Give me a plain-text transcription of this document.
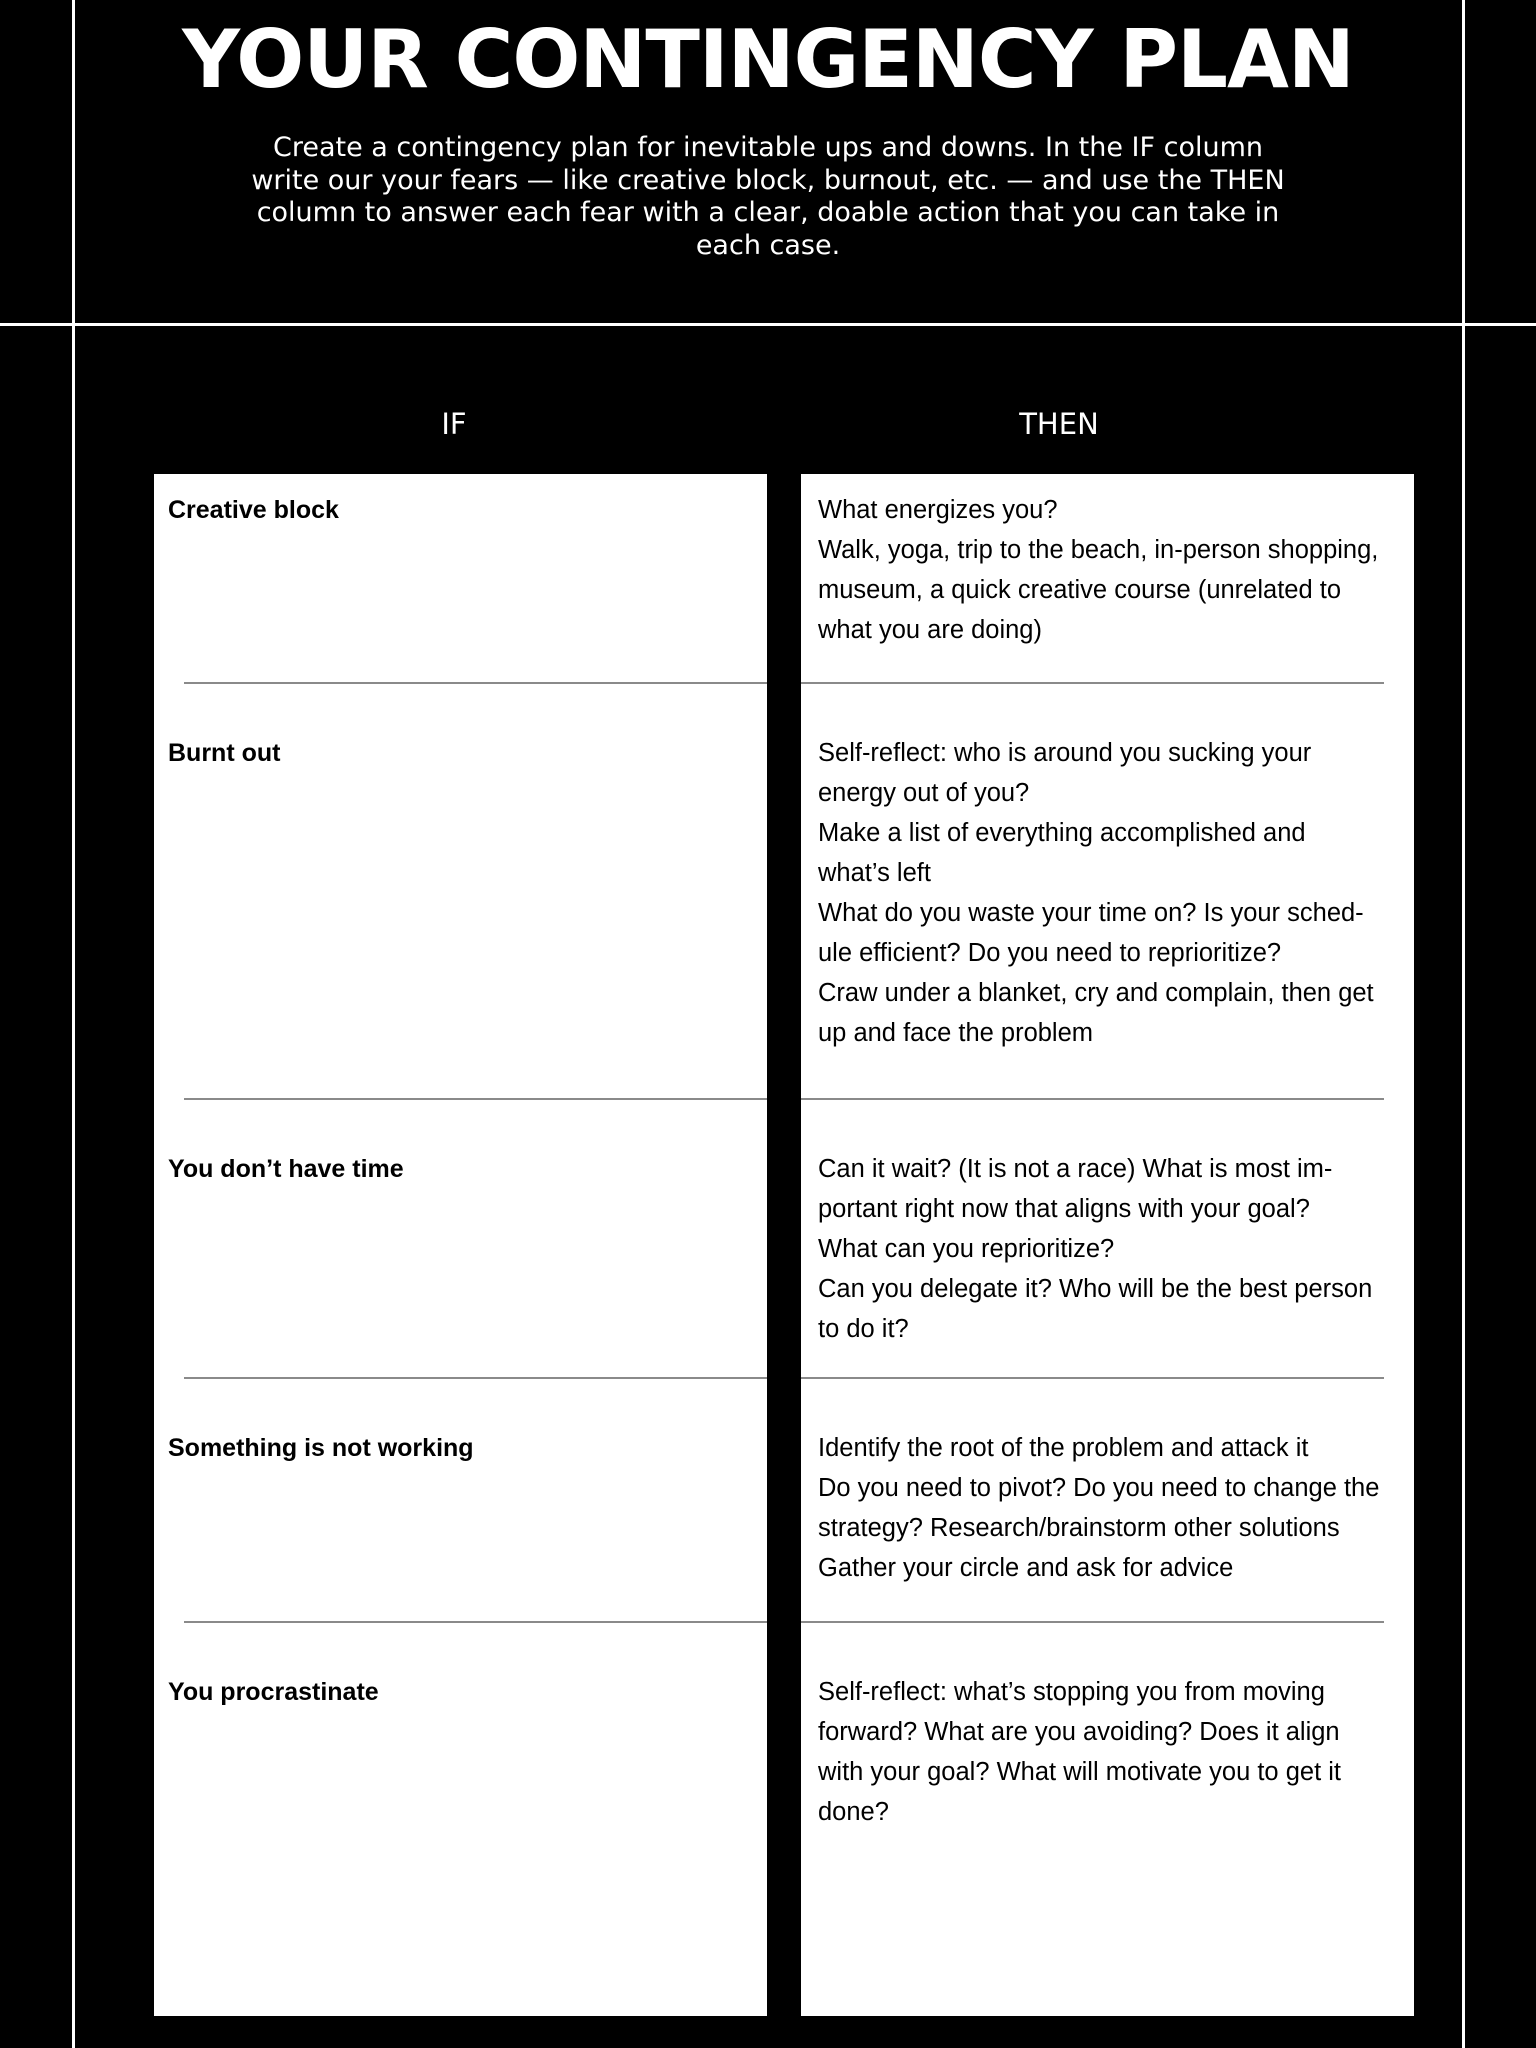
YOUR CONTINGENCY PLAN

Create a contingency plan for inevitable ups and downs. In the IF column write our your fears — like creative block, burnout, etc. — and use the THEN column to answer each fear with a clear, doable action that you can take in each case.

IF	THEN
Creative block	What energizes you?
Walk, yoga, trip to the beach, in-person shopping,
museum, a quick creative course (unrelated to
what you are doing)
Burnt out	Self-reflect: who is around you sucking your
energy out of you?
Make a list of everything accomplished and
what’s left
What do you waste your time on? Is your sched-
ule efficient? Do you need to reprioritize?
Craw under a blanket, cry and complain, then get
up and face the problem
You don’t have time	Can it wait? (It is not a race) What is most im-
portant right now that aligns with your goal?
What can you reprioritize?
Can you delegate it? Who will be the best person
to do it?
Something is not working	Identify the root of the problem and attack it
Do you need to pivot? Do you need to change the
strategy? Research/brainstorm other solutions
Gather your circle and ask for advice
You procrastinate	Self-reflect: what’s stopping you from moving
forward? What are you avoiding? Does it align
with your goal? What will motivate you to get it
done?
